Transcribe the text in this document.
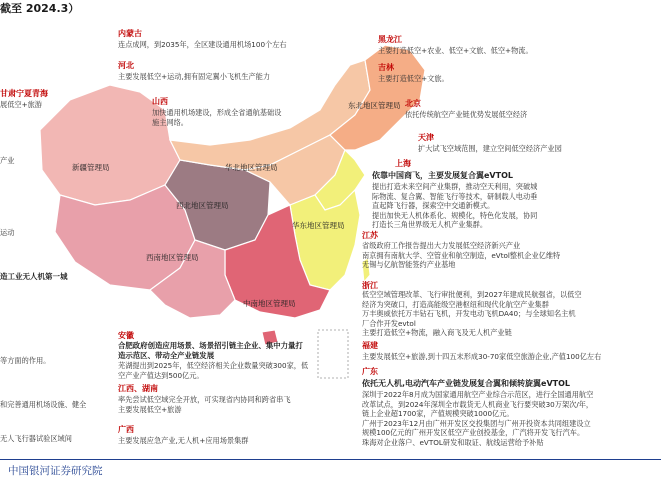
截至 2024.3）
新疆管理局
西北地区管理局
华北地区管理局
东北地区管理局
华东地区管理局
中南地区管理局
西南地区管理局
内蒙古
连点成网，到2035年，全区建设通用机场100个左右
河北
主要发展低空+运动,拥有固定翼小飞机生产能力
山西
加快通用机场建设，形成全省通航基础设
施主网络。
甘肃宁夏青海
展低空+旅游
黑龙江
主要打造低空+农业、低空+文旅、低空+物流。
吉林
主要打造低空+文旅。
北京
依托传统航空产业链优势发展低空经济
天津
扩大试飞空域范围，建立空间低空经济产业园
上海
依靠中国商飞，主要发展复合翼eVTOL
提出打造未来空间产业集群，推动空天利用，突破城
际物流、复合翼、智能飞行等技术，研制载人电动垂
直起降飞行器，探索空中交通新模式。
提出加快无人机体系化、规模化，特色化发展，协同
打造长三角世界级无人机产业集群。
江苏
省级政府工作报告提出大力发展低空经济新兴产业
南京拥有南航大学、空管业和航空制造，eVtol整机企业亿维特
无锡与亿航智能签约产业基地
浙江
低空空域管理改革、飞行审批便利，到2027年建成民航强省，以低空
经济为突破口，打造高能级空港枢纽和现代化航空产业集群
万丰奥威依托万丰钻石飞机，开发电动飞机DA40；与全球知名主机
厂合作开发evtol
主要打造低空+物流，融入商飞及无人机产业链
福建
主要发展低空+旅游,到十四五末形成30-70家低空旅游企业,产值100亿左右
广东
依托无人机,电动汽车产业链发展复合翼和倾转旋翼eVTOL
深圳于2022年8月成为国家通用航空产业综合示范区，进行全国通用航空
改革试点，到2024年深圳全市载货无人机商业飞行要突破30万架次/年，
链上企业超1700家，产值规模突破1000亿元。
广州于2023年12月由广州开发区交投集团与广州开投资本共同组建设立
规模100亿元的广州开发区低空产业创投基金，广汽将开发飞行汽车。
珠海对企业落户、eVTOL研发和取证、航线运营给予补贴
安徽
合肥政府创造应用场景、场景招引链主企业、集中力量打
造示范区、带动全产业链发展
芜湖提出到2025年，低空经济相关企业数量突破300家，低
空产业产值达到500亿元。
江西、湖南
率先尝试低空域完全开放，可实现省内协同和跨省串飞
主要发展低空+旅游
广西
主要发展应急产业,无人机+应用场景集群
产业
运动
造工业无人机第一城
等方面的作用。
和完善通用机场设施、健全
无人飞行器试验区域间
中国银河证券研究院
